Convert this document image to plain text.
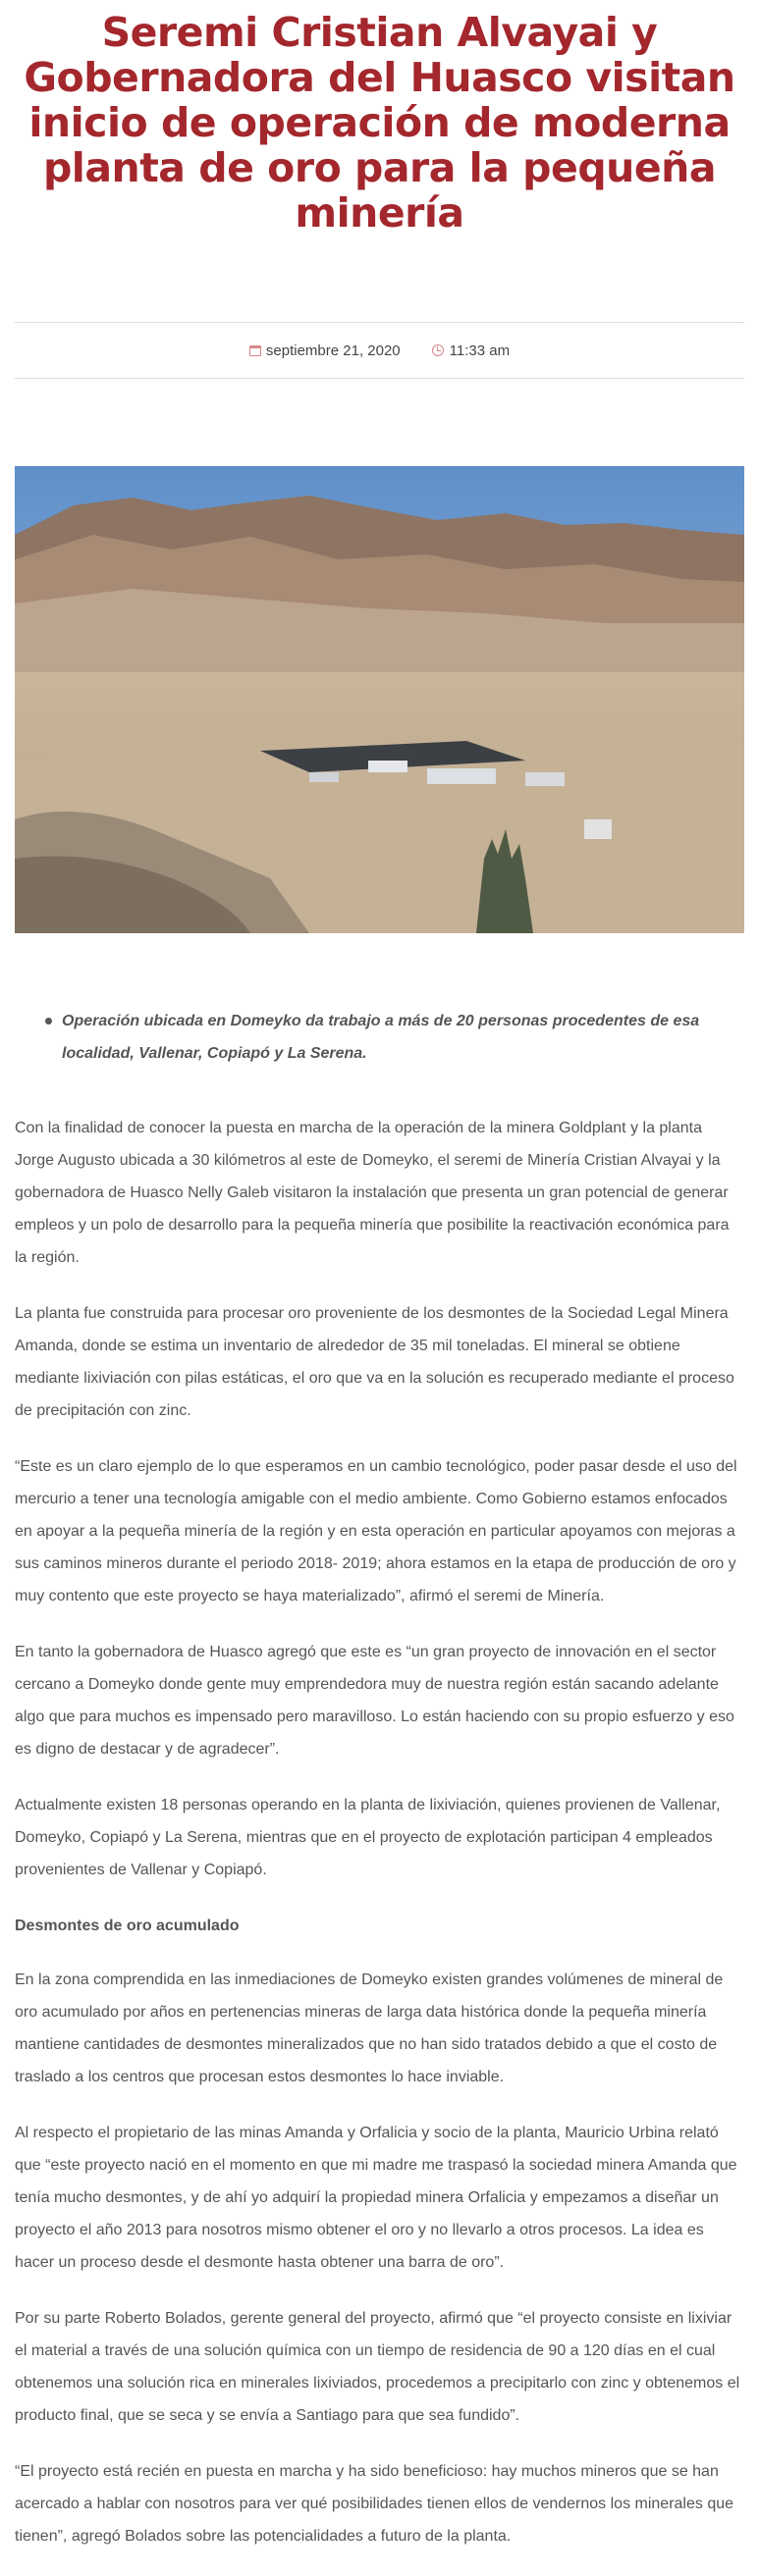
Seremi Cristian Alvayai y Gobernadora del Huasco visitan inicio de operación de moderna planta de oro para la pequeña minería
septiembre 21, 2020	11:33 am
Operación ubicada en Domeyko da trabajo a más de 20 personas procedentes de esa localidad, Vallenar, Copiapó y La Serena.

Con la finalidad de conocer la puesta en marcha de la operación de la minera Goldplant y la planta Jorge Augusto ubicada a 30 kilómetros al este de Domeyko, el seremi de Minería Cristian Alvayai y la gobernadora de Huasco Nelly Galeb visitaron la instalación que presenta un gran potencial de generar empleos y un polo de desarrollo para la pequeña minería que posibilite la reactivación económica para la región.

La planta fue construida para procesar oro proveniente de los desmontes de la Sociedad Legal Minera Amanda, donde se estima un inventario de alrededor de 35 mil toneladas. El mineral se obtiene mediante lixiviación con pilas estáticas, el oro que va en la solución es recuperado mediante el proceso de precipitación con zinc.

“Este es un claro ejemplo de lo que esperamos en un cambio tecnológico, poder pasar desde el uso del mercurio a tener una tecnología amigable con el medio ambiente. Como Gobierno estamos enfocados en apoyar a la pequeña minería de la región y en esta operación en particular apoyamos con mejoras a sus caminos mineros durante el periodo 2018- 2019; ahora estamos en la etapa de producción de oro y muy contento que este proyecto se haya materializado”, afirmó el seremi de Minería.

En tanto la gobernadora de Huasco agregó que este es “un gran proyecto de innovación en el sector cercano a Domeyko donde gente muy emprendedora muy de nuestra región están sacando adelante algo que para muchos es impensado pero maravilloso. Lo están haciendo con su propio esfuerzo y eso es digno de destacar y de agradecer”.

Actualmente existen 18 personas operando en la planta de lixiviación, quienes provienen de Vallenar, Domeyko, Copiapó y La Serena, mientras que en el proyecto de explotación participan 4 empleados provenientes de Vallenar y Copiapó.

Desmontes de oro acumulado

En la zona comprendida en las inmediaciones de Domeyko existen grandes volúmenes de mineral de oro acumulado por años en pertenencias mineras de larga data histórica donde la pequeña minería mantiene cantidades de desmontes mineralizados que no han sido tratados debido a que el costo de traslado a los centros que procesan estos desmontes lo hace inviable.

Al respecto el propietario de las minas Amanda y Orfalicia y socio de la planta, Mauricio Urbina relató que “este proyecto nació en el momento en que mi madre me traspasó la sociedad minera Amanda que tenía mucho desmontes, y de ahí yo adquirí la propiedad minera Orfalicia y empezamos a diseñar un proyecto el año 2013 para nosotros mismo obtener el oro y no llevarlo a otros procesos. La idea es hacer un proceso desde el desmonte hasta obtener una barra de oro”.

Por su parte Roberto Bolados, gerente general del proyecto, afirmó que “el proyecto consiste en lixiviar el material a través de una solución química con un tiempo de residencia de 90 a 120 días en el cual obtenemos una solución rica en minerales lixiviados, procedemos a precipitarlo con zinc y obtenemos el producto final, que se seca y se envía a Santiago para que sea fundido”.

“El proyecto está recién en puesta en marcha y ha sido beneficioso: hay muchos mineros que se han acercado a hablar con nosotros para ver qué posibilidades tienen ellos de vendernos los minerales que tienen”, agregó Bolados sobre las potencialidades a futuro de la planta.
